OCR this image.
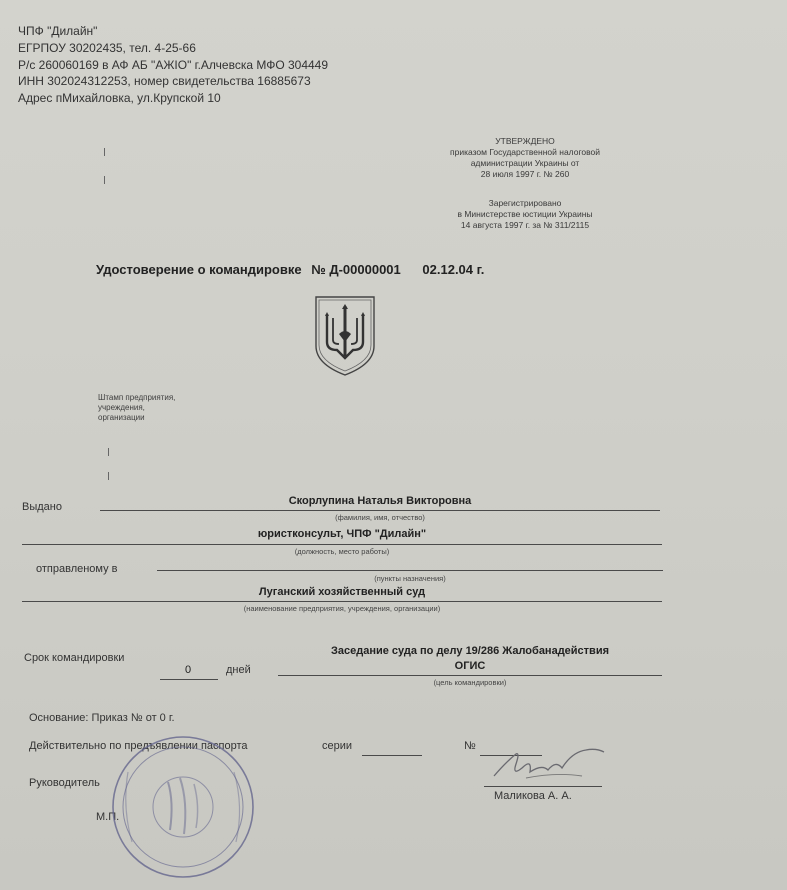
ЧПФ "Дилайн"
ЕГРПОУ 30202435, тел. 4-25-66
Р/с 260060169 в АФ АБ "АЖІО" г.Алчевска МФО 304449
ИНН 302024312253, номер свидетельства 16885673
Адрес пМихайловка, ул.Крупской 10
УТВЕРЖДЕНО
приказом Государственной налоговой
администрации Украины от
28 июля 1997 г. № 260
Зарегистрировано
в Министерстве юстиции Украины
14 августа 1997 г. за № 311/2115
Удостоверение о командировке № Д-00000001 02.12.04 г.
Штамп предприятия,
учреждения,
организации
Выдано	Скорлупина Наталья Викторовна
(фамилия, имя, отчество)
юристконсульт, ЧПФ "Дилайн"
(должность, место работы)
отправленому в
(пункты назначения)
Луганский хозяйственный суд
(наименование предприятия, учреждения, организации)
Срок командировки
0	дней
Заседание суда по делу 19/286 Жалобанадействия
ОГИС
(цель командировки)
Основание: Приказ № от 0 г.
Действительно по предъявлении паспорта	серии	№
Руководитель
Маликова А. А.
М.П.
